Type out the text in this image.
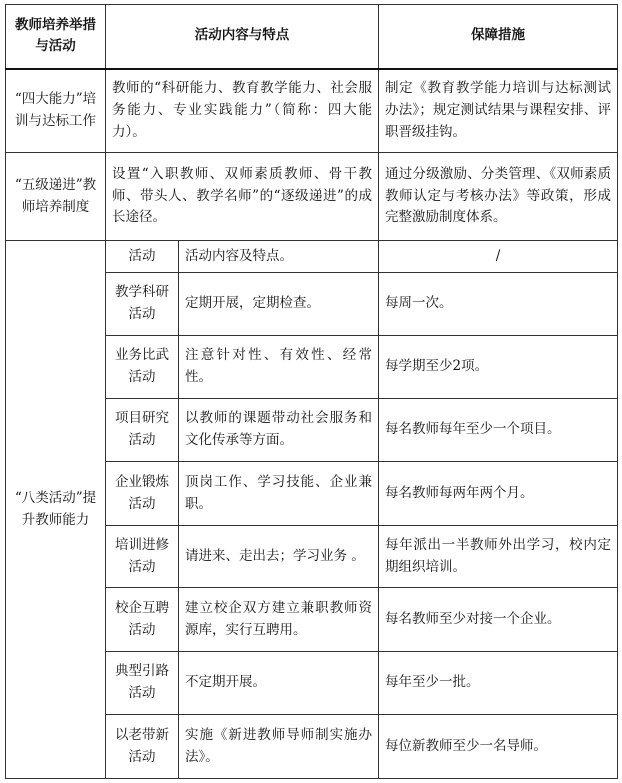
教师培养举措与活动	活动内容与特点		保障措施
“四大能力”培训与达标工作	教师的“科研能力、教育教学能力、社会服务能力、专业实践能力”（简称：四大能力）。		制定《教育教学能力培训与达标测试办法》；规定测试结果与课程安排、评职晋级挂钩。
“五级递进”教师培养制度	设置“入职教师、双师素质教师、骨干教师、带头人、教学名师”的“逐级递进”的成长途径。		通过分级激励、分类管理、《双师素质教师认定与考核办法》等政策，形成完整激励制度体系。
“八类活动”提升教师能力	活动	活动内容及特点。	/
	教学科研活动	定期开展，定期检查。	每周一次。
	业务比武活动	注意针对性、有效性、经常性。	每学期至少2项。
	项目研究活动	以教师的课题带动社会服务和文化传承等方面。	每名教师每年至少一个项目。
	企业锻炼活动	顶岗工作、学习技能、企业兼职。	每名教师每两年两个月。
	培训进修活动	请进来、走出去；学习业务 。	每年派出一半教师外出学习，校内定期组织培训。
	校企互聘活动	建立校企双方建立兼职教师资源库，实行互聘用。	每名教师至少对接一个企业。
	典型引路活动	不定期开展。	每年至少一批。
	以老带新活动	实施《新进教师导师制实施办法》。	每位新教师至少一名导师。
